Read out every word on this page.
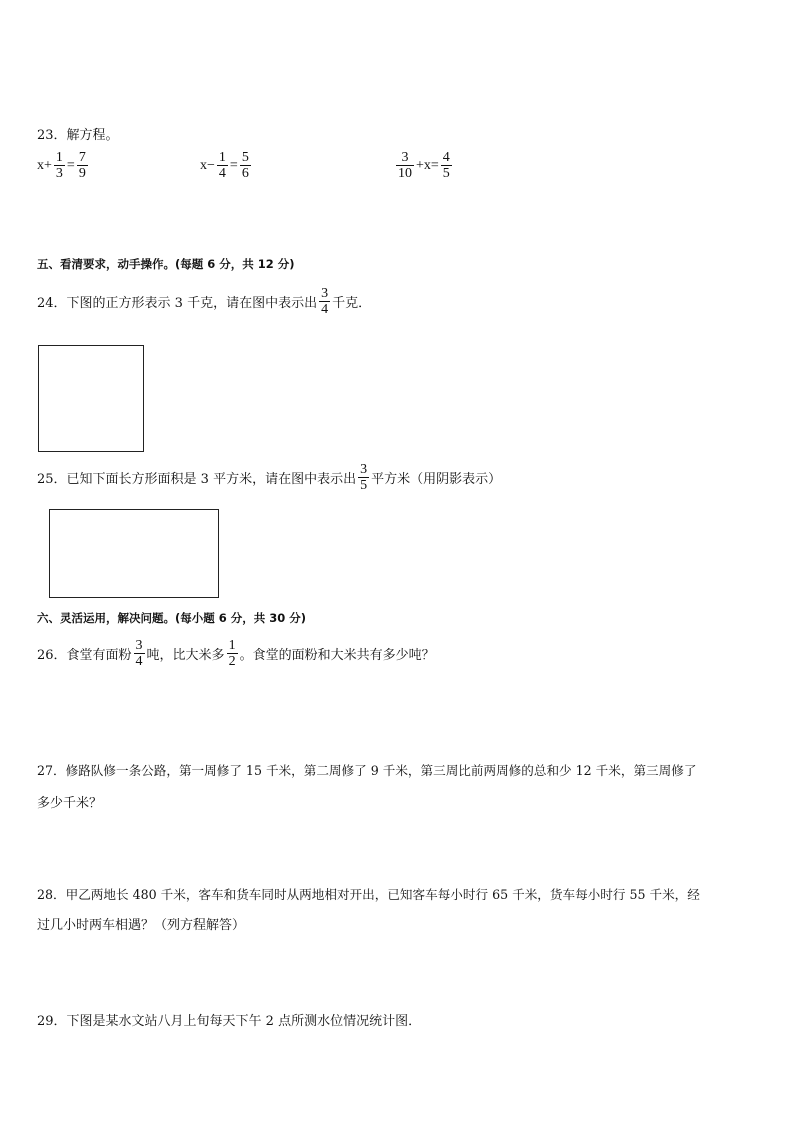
23．解方程。
$x+ \frac{1}{3} = \frac{7}{9}$	$x- \frac{1}{4} = \frac{5}{6}$	$\frac{3}{10} +x= \frac{4}{5}$
五、看清要求，动手操作。(每题 6 分，共 12 分)
24．下图的正方形表示 3 千克，请在图中表示出 $\frac{3}{4}$ 千克．
25．已知下面长方形面积是 3 平方米，请在图中表示出 $\frac{3}{5}$ 平方米（用阴影表示）
六、灵活运用，解决问题。(每小题 6 分，共 30 分)
26．食堂有面粉 $\frac{3}{4}$ 吨，比大米多 $\frac{1}{2}$ 。食堂的面粉和大米共有多少吨？
27．修路队修一条公路，第一周修了 15 千米，第二周修了 9 千米，第三周比前两周修的总和少 12 千米，第三周修了
多少千米？
28．甲乙两地长 480 千米，客车和货车同时从两地相对开出，已知客车每小时行 65 千米，货车每小时行 55 千米，经
过几小时两车相遇？（列方程解答）
29．下图是某水文站八月上旬每天下午 2 点所测水位情况统计图．
